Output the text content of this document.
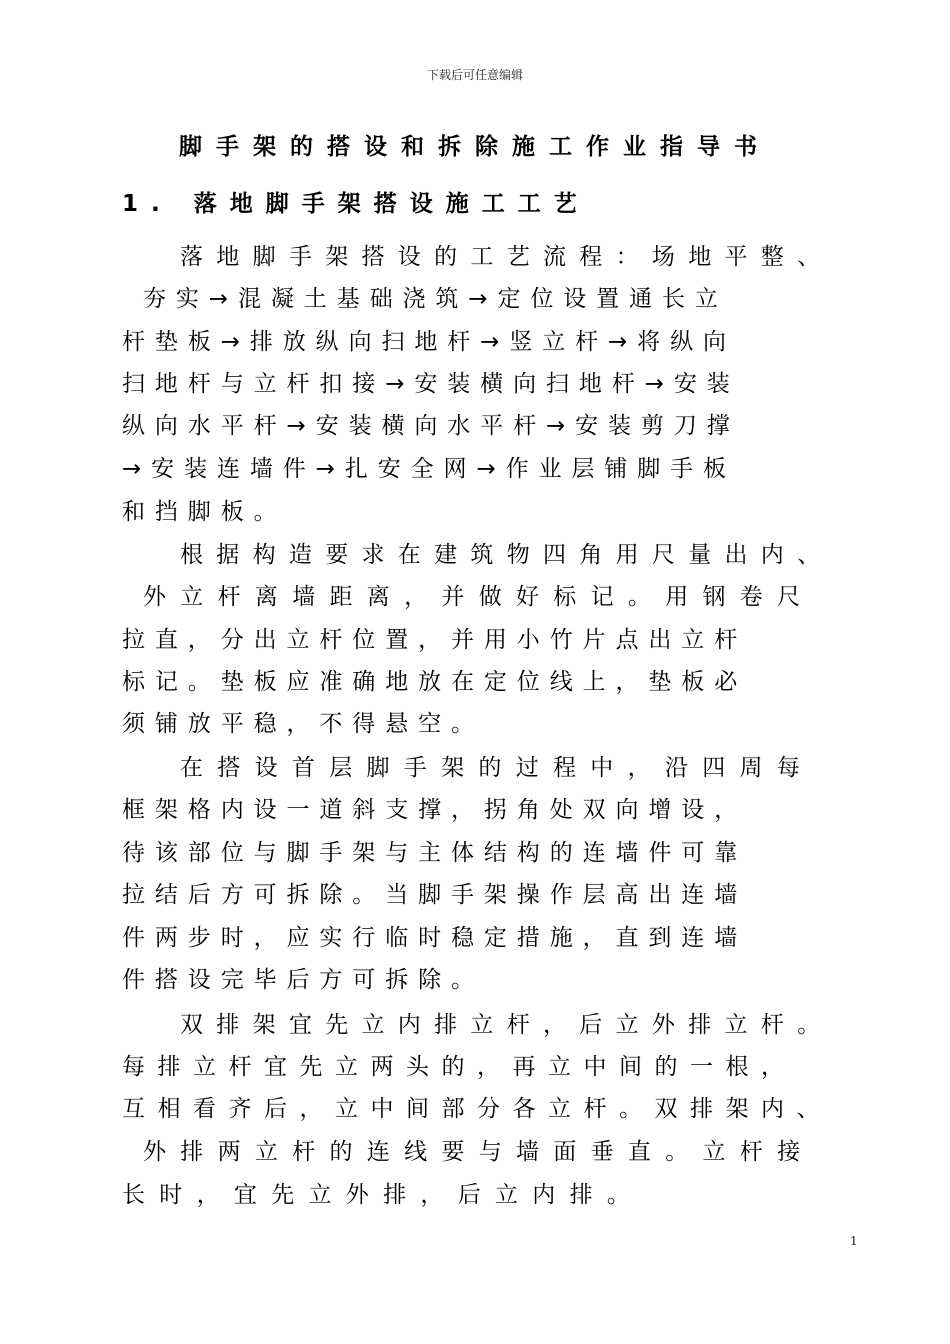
下载后可任意编辑
脚手架的搭设和拆除施工作业指导书
1. 落地脚手架搭设施工工艺
落地脚手架搭设的工艺流程：场地平整、
夯实→混凝土基础浇筑→定位设置通长立
杆垫板→排放纵向扫地杆→竖立杆→将纵向
扫地杆与立杆扣接→安装横向扫地杆→安装
纵向水平杆→安装横向水平杆→安装剪刀撑
→安装连墙件→扎安全网→作业层铺脚手板
和挡脚板。
根据构造要求在建筑物四角用尺量出内、
外立杆离墙距离，并做好标记。用钢卷尺
拉直，分出立杆位置，并用小竹片点出立杆
标记。垫板应准确地放在定位线上，垫板必
须铺放平稳，不得悬空。
在搭设首层脚手架的过程中，沿四周每
框架格内设一道斜支撑，拐角处双向增设，
待该部位与脚手架与主体结构的连墙件可靠
拉结后方可拆除。当脚手架操作层高出连墙
件两步时，应实行临时稳定措施，直到连墙
件搭设完毕后方可拆除。
双排架宜先立内排立杆，后立外排立杆。
每排立杆宜先立两头的，再立中间的一根，
互相看齐后，立中间部分各立杆。双排架内、
外排两立杆的连线要与墙面垂直。立杆接
长时，宜先立外排，后立内排。
1
